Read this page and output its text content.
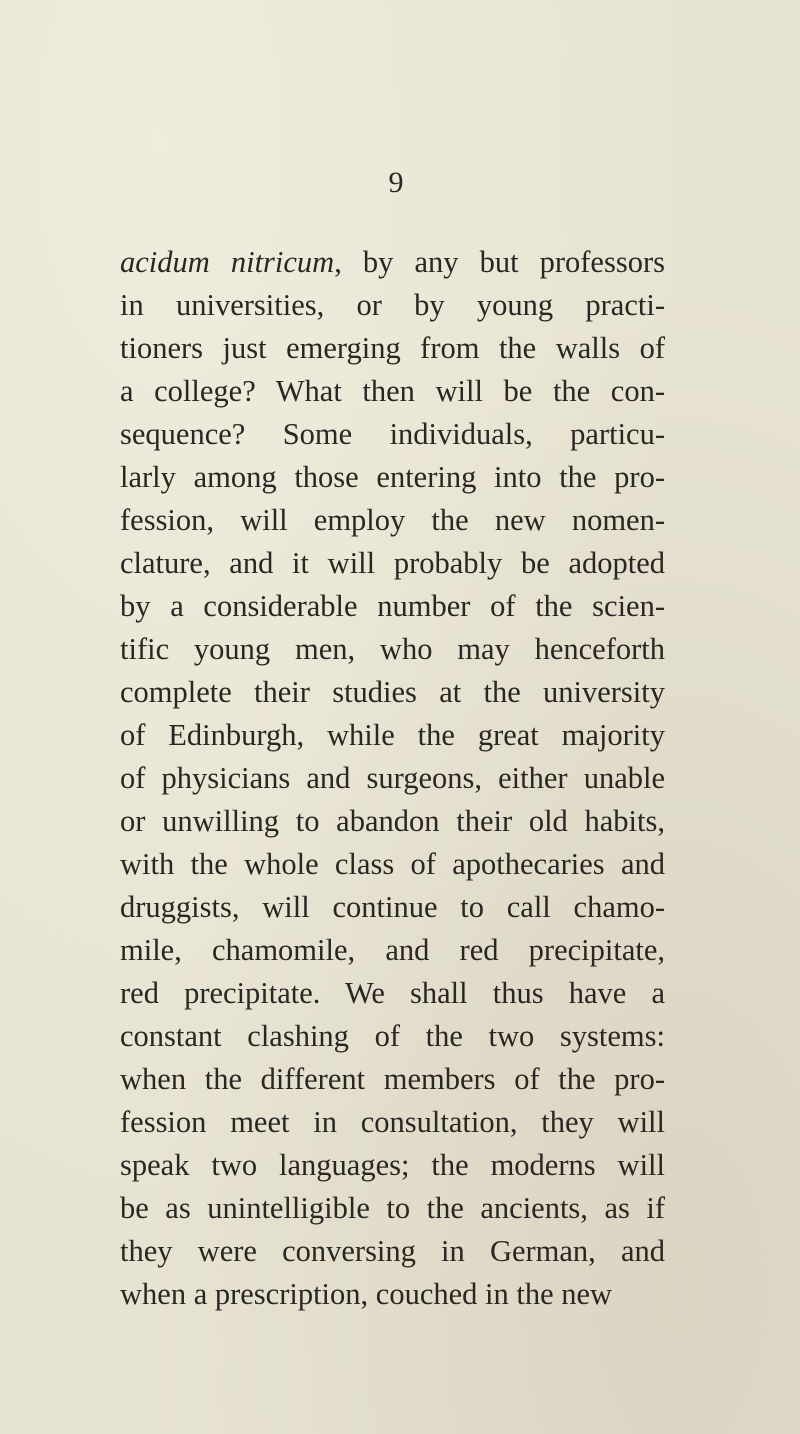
9
acidum nitricum, by any but professors
in universities, or by young practi-
tioners just emerging from the walls of
a college? What then will be the con-
sequence? Some individuals, particu-
larly among those entering into the pro-
fession, will employ the new nomen-
clature, and it will probably be adopted
by a considerable number of the scien-
tific young men, who may henceforth
complete their studies at the university
of Edinburgh, while the great majority
of physicians and surgeons, either unable
or unwilling to abandon their old habits,
with the whole class of apothecaries and
druggists, will continue to call chamo-
mile, chamomile, and red precipitate,
red precipitate. We shall thus have a
constant clashing of the two systems:
when the different members of the pro-
fession meet in consultation, they will
speak two languages; the moderns will
be as unintelligible to the ancients, as if
they were conversing in German, and
when a prescription, couched in the new
